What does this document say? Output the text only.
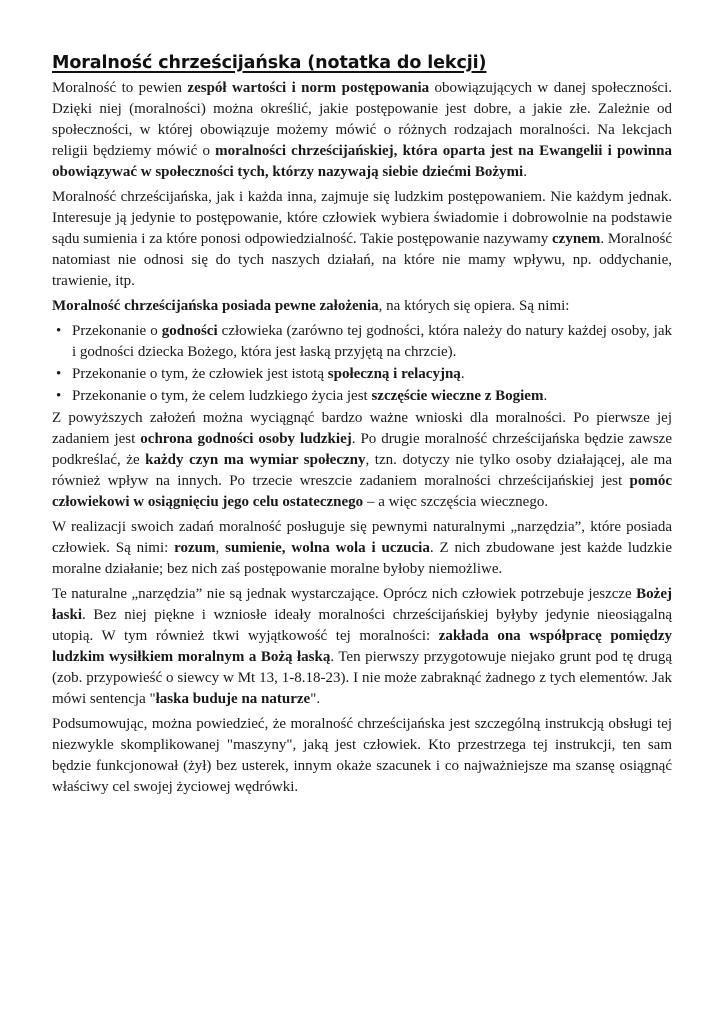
Moralność chrześcijańska (notatka do lekcji)

Moralność to pewien zespół wartości i norm postępowania obowiązujących w danej społeczności. Dzięki niej (moralności) można określić, jakie postępowanie jest dobre, a jakie złe. Zależnie od społeczności, w której obowiązuje możemy mówić o różnych rodzajach moralności. Na lekcjach religii będziemy mówić o moralności chrześcijańskiej, która oparta jest na Ewangelii i powinna obowiązywać w społeczności tych, którzy nazywają siebie dziećmi Bożymi.

Moralność chrześcijańska, jak i każda inna, zajmuje się ludzkim postępowaniem. Nie każdym jednak. Interesuje ją jedynie to postępowanie, które człowiek wybiera świadomie i dobrowolnie na podstawie sądu sumienia i za które ponosi odpowiedzialność. Takie postępowanie nazywamy czynem. Moralność natomiast nie odnosi się do tych naszych działań, na które nie mamy wpływu, np. oddychanie, trawienie, itp.

Moralność chrześcijańska posiada pewne założenia, na których się opiera. Są nimi:

• Przekonanie o godności człowieka (zarówno tej godności, która należy do natury każdej osoby, jak i godności dziecka Bożego, która jest łaską przyjętą na chrzcie).
• Przekonanie o tym, że człowiek jest istotą społeczną i relacyjną.
• Przekonanie o tym, że celem ludzkiego życia jest szczęście wieczne z Bogiem.

Z powyższych założeń można wyciągnąć bardzo ważne wnioski dla moralności. Po pierwsze jej zadaniem jest ochrona godności osoby ludzkiej. Po drugie moralność chrześcijańska będzie zawsze podkreślać, że każdy czyn ma wymiar społeczny, tzn. dotyczy nie tylko osoby działającej, ale ma również wpływ na innych. Po trzecie wreszcie zadaniem moralności chrześcijańskiej jest pomóc człowiekowi w osiągnięciu jego celu ostatecznego – a więc szczęścia wiecznego.

W realizacji swoich zadań moralność posługuje się pewnymi naturalnymi „narzędzia”, które posiada człowiek. Są nimi: rozum, sumienie, wolna wola i uczucia. Z nich zbudowane jest każde ludzkie moralne działanie; bez nich zaś postępowanie moralne byłoby niemożliwe.

Te naturalne „narzędzia” nie są jednak wystarczające. Oprócz nich człowiek potrzebuje jeszcze Bożej łaski. Bez niej piękne i wzniosłe ideały moralności chrześcijańskiej byłyby jedynie nieosiągalną utopią. W tym również tkwi wyjątkowość tej moralności: zakłada ona współpracę pomiędzy ludzkim wysiłkiem moralnym a Bożą łaską. Ten pierwszy przygotowuje niejako grunt pod tę drugą (zob. przypowieść o siewcy w Mt 13, 1-8.18-23). I nie może zabraknąć żadnego z tych elementów. Jak mówi sentencja "łaska buduje na naturze".

Podsumowując, można powiedzieć, że moralność chrześcijańska jest szczególną instrukcją obsługi tej niezwykle skomplikowanej "maszyny", jaką jest człowiek. Kto przestrzega tej instrukcji, ten sam będzie funkcjonował (żył) bez usterek, innym okaże szacunek i co najważniejsze ma szansę osiągnąć właściwy cel swojej życiowej wędrówki.
